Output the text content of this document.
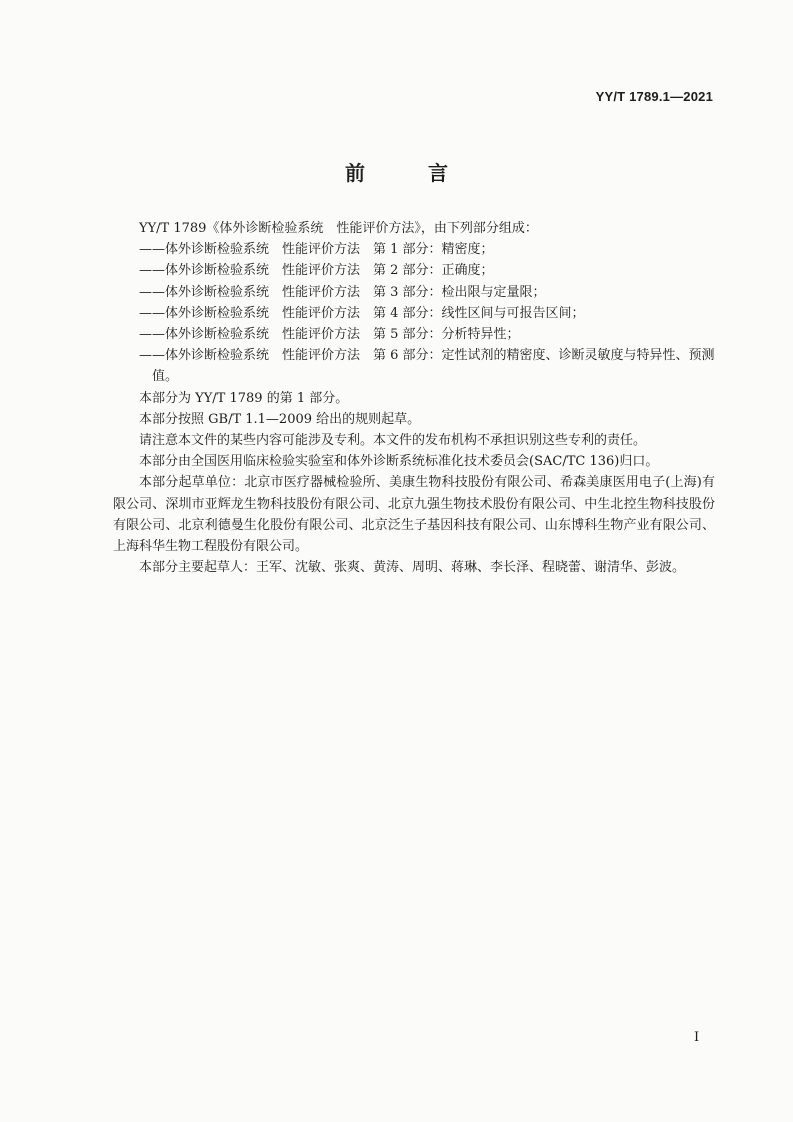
YY/T 1789.1—2021
前 言

YY/T 1789《体外诊断检验系统　性能评价方法》，由下列部分组成：

——体外诊断检验系统　性能评价方法　第 1 部分：精密度；
——体外诊断检验系统　性能评价方法　第 2 部分：正确度；
——体外诊断检验系统　性能评价方法　第 3 部分：检出限与定量限；
——体外诊断检验系统　性能评价方法　第 4 部分：线性区间与可报告区间；
——体外诊断检验系统　性能评价方法　第 5 部分：分析特异性；
——体外诊断检验系统　性能评价方法　第 6 部分：定性试剂的精密度、诊断灵敏度与特异性、预测值。

本部分为 YY/T 1789 的第 1 部分。

本部分按照 GB/T 1.1—2009 给出的规则起草。

请注意本文件的某些内容可能涉及专利。本文件的发布机构不承担识别这些专利的责任。

本部分由全国医用临床检验实验室和体外诊断系统标准化技术委员会(SAC/TC 136)归口。

本部分起草单位：北京市医疗器械检验所、美康生物科技股份有限公司、希森美康医用电子(上海)有限公司、深圳市亚辉龙生物科技股份有限公司、北京九强生物技术股份有限公司、中生北控生物科技股份有限公司、北京利德曼生化股份有限公司、北京泛生子基因科技有限公司、山东博科生物产业有限公司、上海科华生物工程股份有限公司。

本部分主要起草人：王军、沈敏、张爽、黄涛、周明、蒋琳、李长泽、程晓蕾、谢清华、彭波。

I
